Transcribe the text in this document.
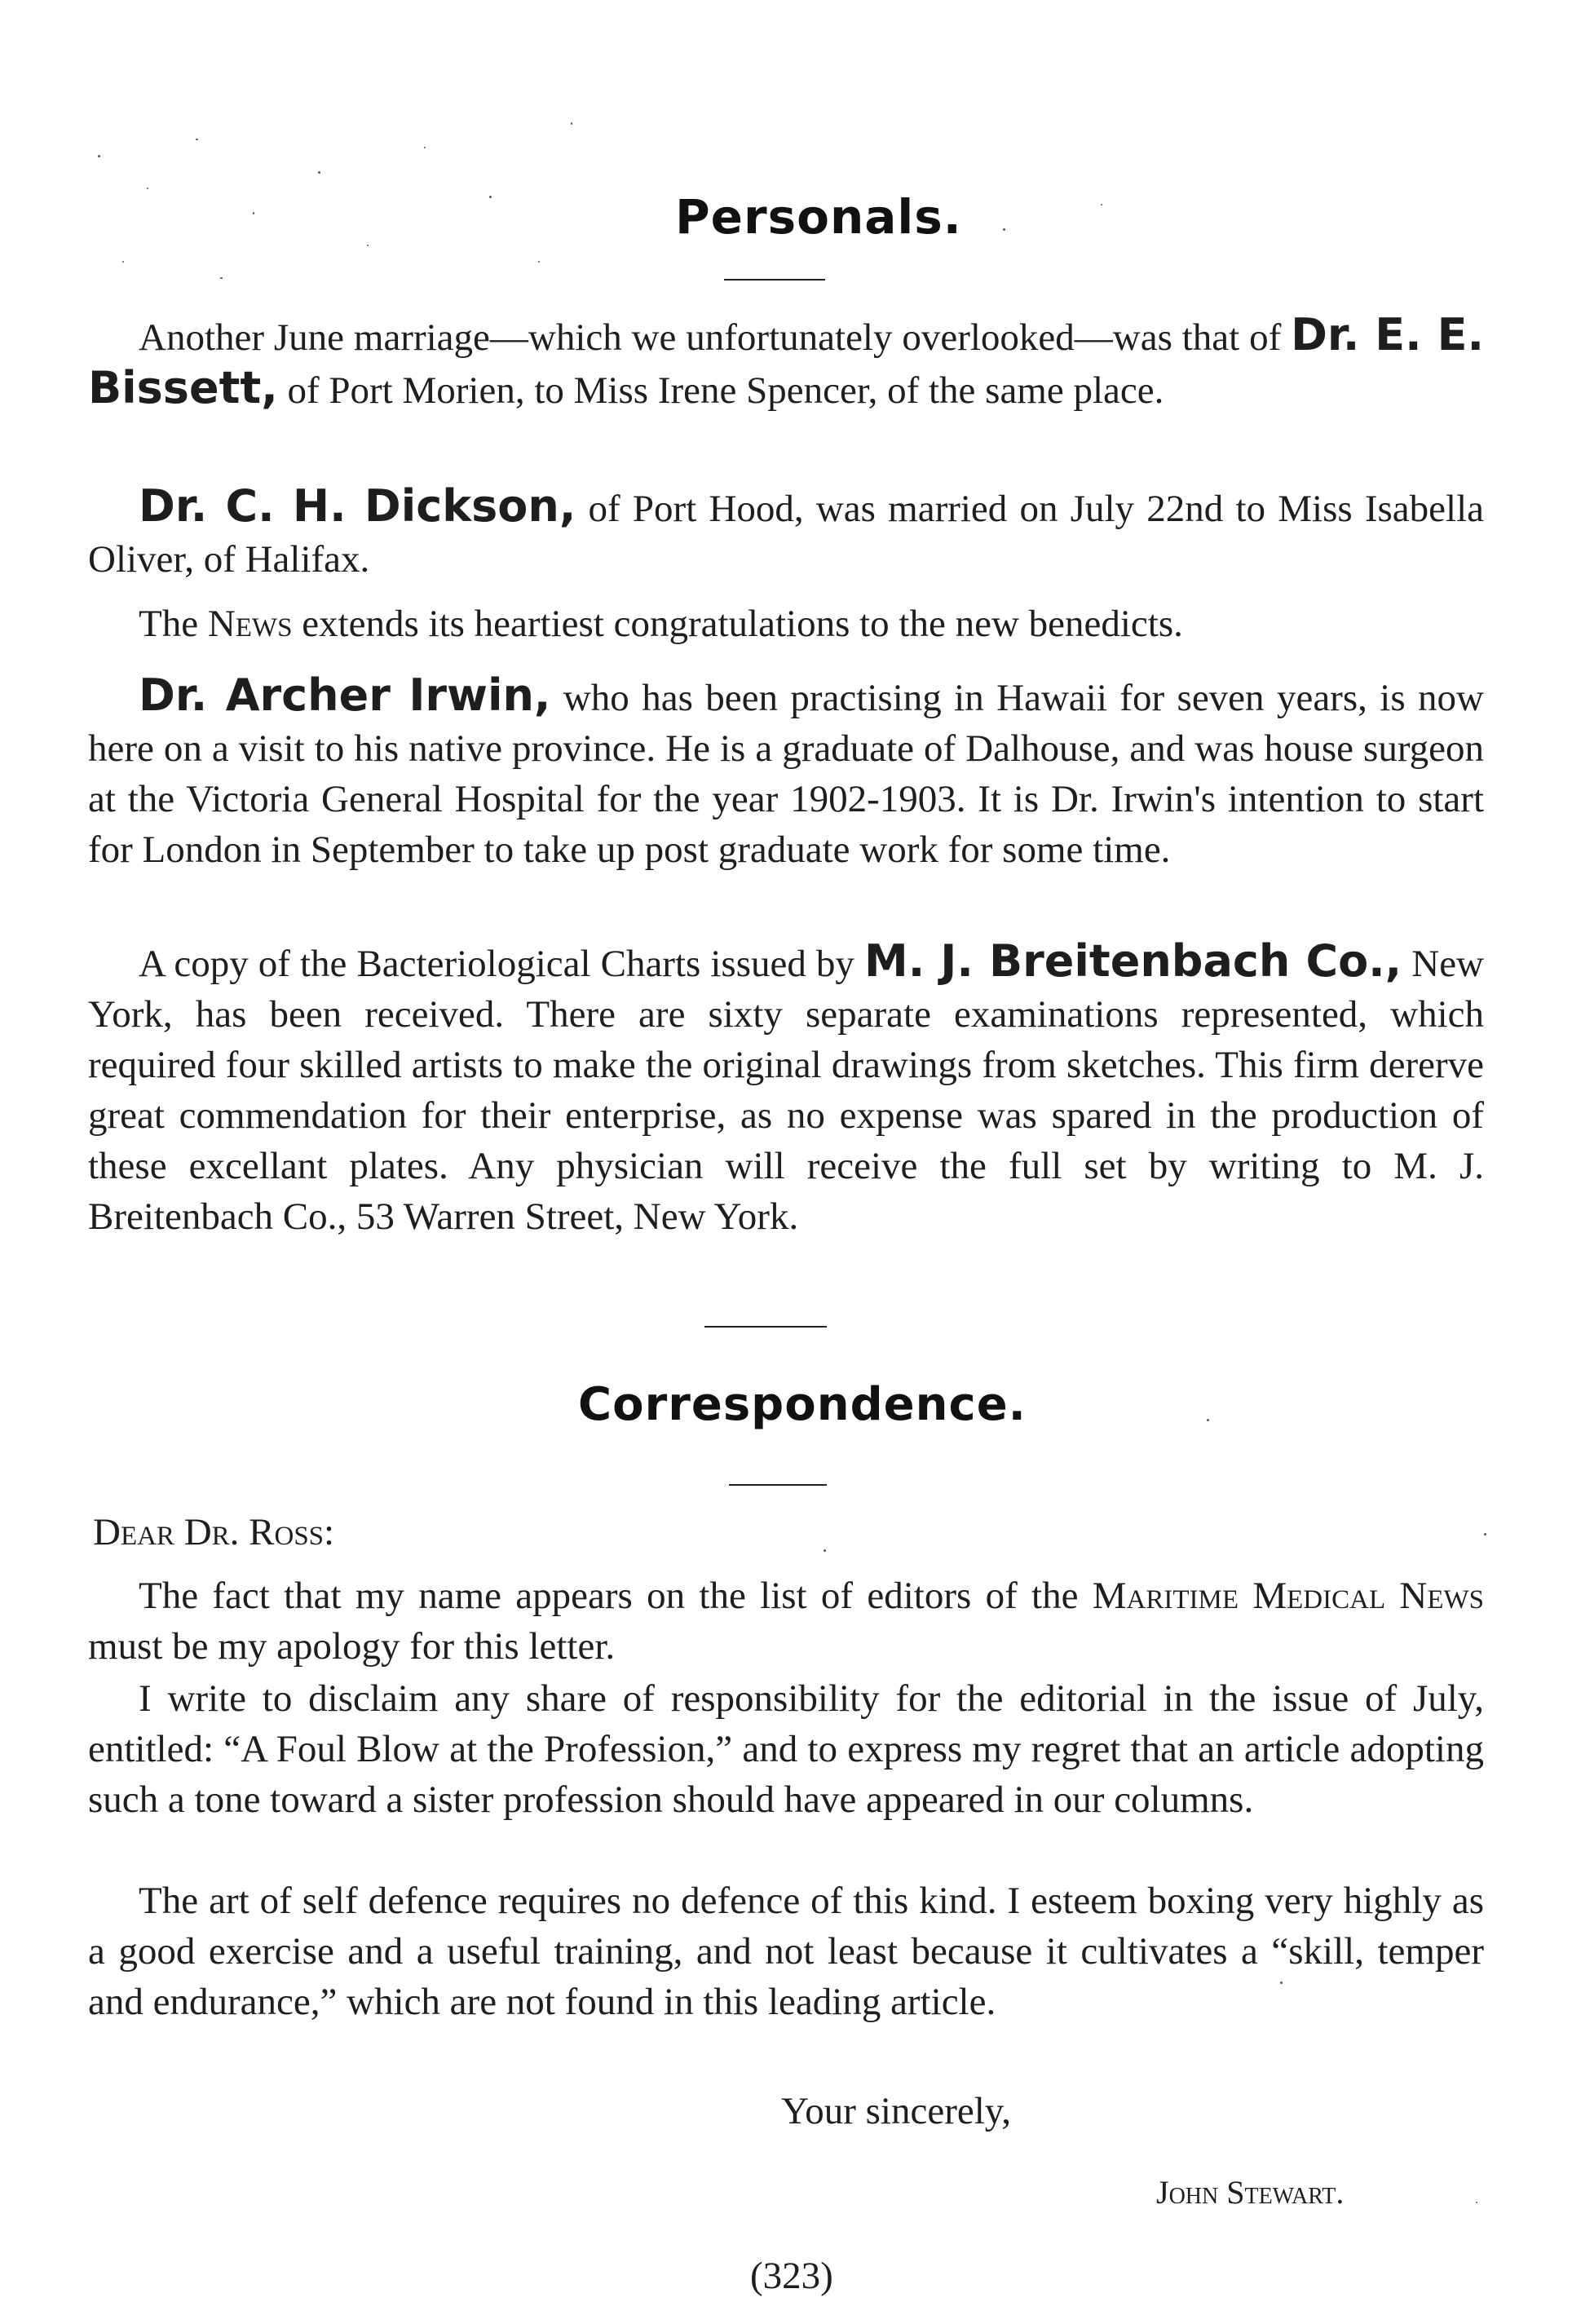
Personals.

Another June marriage—which we unfortunately overlooked—was that of Dr. E. E. Bissett, of Port Morien, to Miss Irene Spencer, of the same place.

Dr. C. H. Dickson, of Port Hood, was married on July 22nd to Miss Isabella Oliver, of Halifax.

The News extends its heartiest congratulations to the new benedicts.

Dr. Archer Irwin, who has been practising in Hawaii for seven years, is now here on a visit to his native province. He is a graduate of Dalhouse, and was house surgeon at the Victoria General Hospital for the year 1902-1903. It is Dr. Irwin's intention to start for London in September to take up post graduate work for some time.

A copy of the Bacteriological Charts issued by M. J. Breitenbach Co., New York, has been received. There are sixty separate examinations represented, which required four skilled artists to make the original drawings from sketches. This firm dererve great commendation for their enterprise, as no expense was spared in the production of these excellant plates. Any physician will receive the full set by writing to M. J. Breitenbach Co., 53 Warren Street, New York.

Correspondence.
Dear Dr. Ross:

The fact that my name appears on the list of editors of the Maritime Medical News must be my apology for this letter.

I write to disclaim any share of responsibility for the editorial in the issue of July, entitled: “A Foul Blow at the Profession,” and to express my regret that an article adopting such a tone toward a sister profession should have appeared in our columns.

The art of self defence requires no defence of this kind. I esteem boxing very highly as a good exercise and a useful training, and not least because it cultivates a “skill, temper and endurance,” which are not found in this leading article.

Your sincerely,
John Stewart.
(323)
